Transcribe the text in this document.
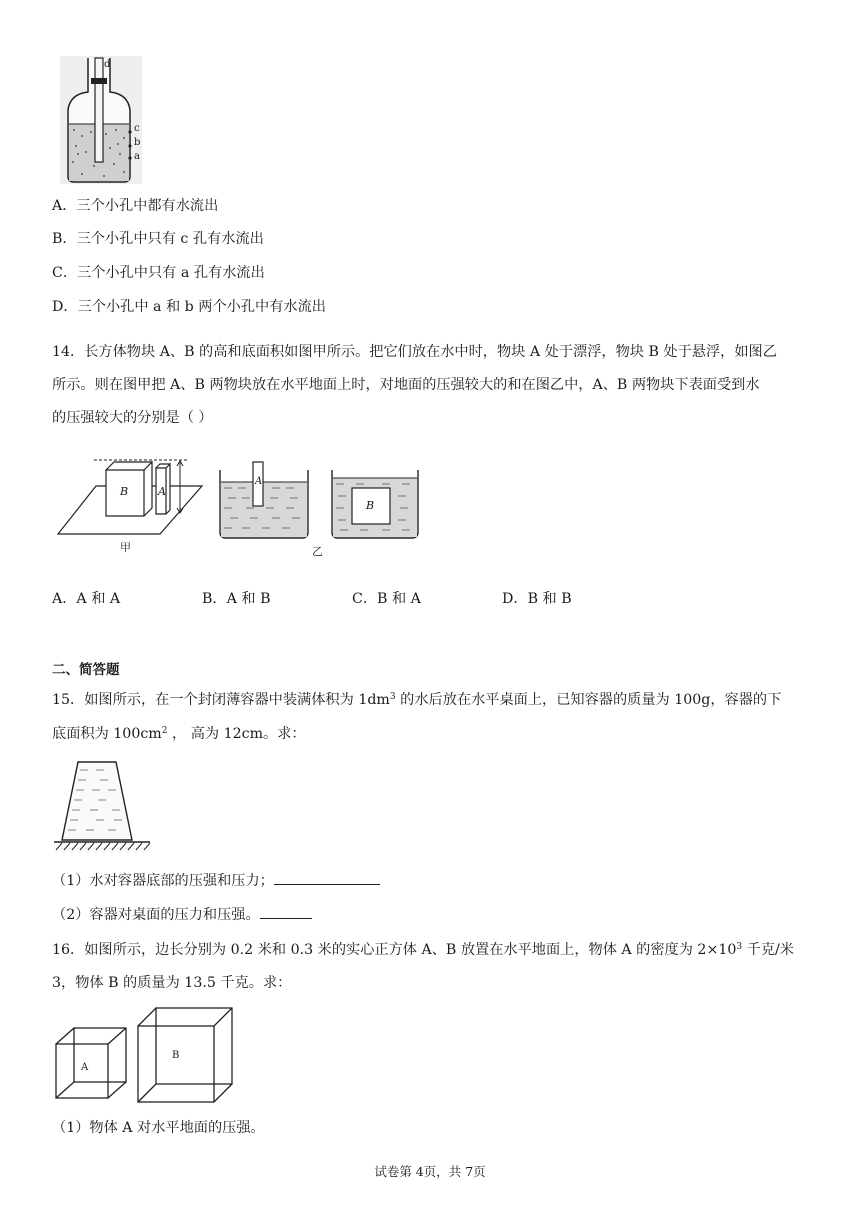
d
c
b
a
A．三个小孔中都有水流出
B．三个小孔中只有 c 孔有水流出
C．三个小孔中只有 a 孔有水流出
D．三个小孔中 a 和 b 两个小孔中有水流出
14．长方体物块 A、B 的高和底面积如图甲所示。把它们放在水中时，物块 A 处于漂浮，物块 B 处于悬浮，如图乙
所示。则在图甲把 A、B 两物块放在水平地面上时，对地面的压强较大的和在图乙中，A、B 两物块下表面受到水
的压强较大的分别是（ ）
B	A
甲
A
B
乙
A．A 和 A	B．A 和 B	C．B 和 A	D．B 和 B
二、简答题
15．如图所示，在一个封闭薄容器中装满体积为 $1dm^3$ 的水后放在水平桌面上，已知容器的质量为 100g，容器的下
底面积为 $100cm^2$ ， 高为 12cm。求：
（1）水对容器底部的压强和压力；
（2）容器对桌面的压力和压强。
16．如图所示，边长分别为 0.2 米和 0.3 米的实心正方体 A、B 放置在水平地面上，物体 A 的密度为 $2\times 10^3$ 千克/米
3，物体 B 的质量为 13.5 千克。求：
A
B
（1）物体 A 对水平地面的压强。
试卷第 4页，共 7页
